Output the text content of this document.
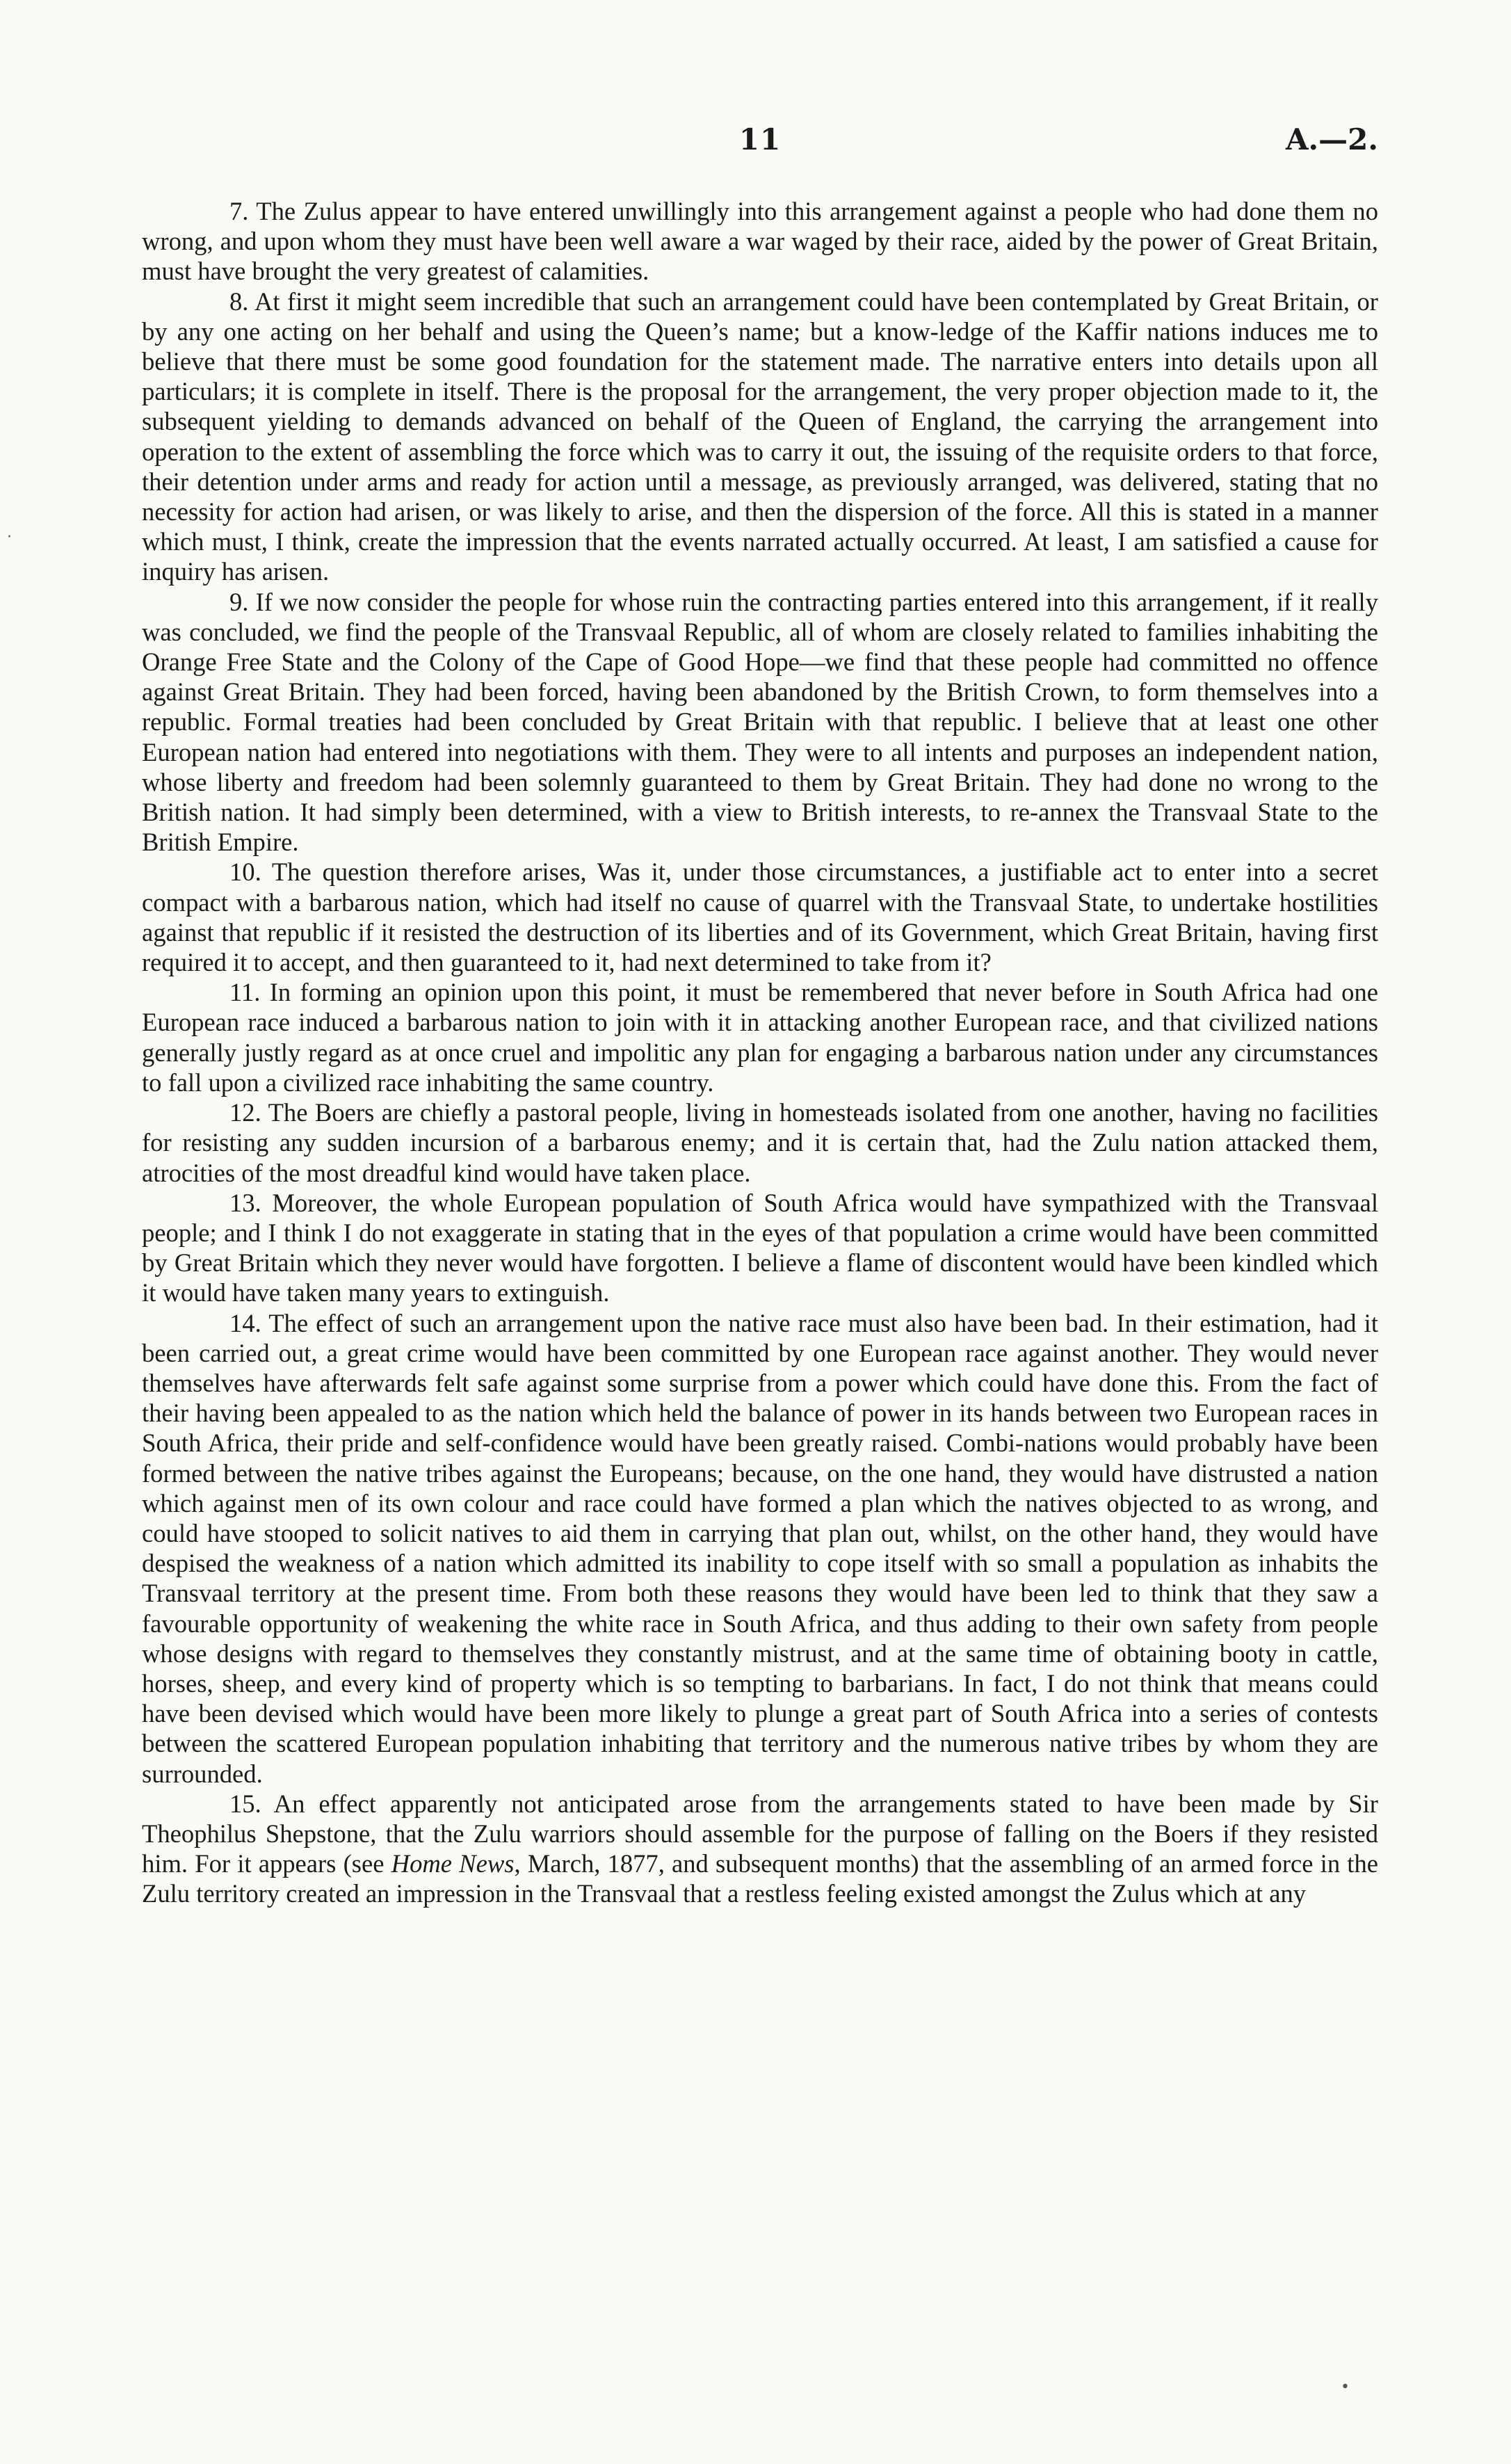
11	A.—2.

7. The Zulus appear to have entered unwillingly into this arrangement against a people who had done them no wrong, and upon whom they must have been well aware a war waged by their race, aided by the power of Great Britain, must have brought the very greatest of calamities.

8. At first it might seem incredible that such an arrangement could have been contemplated by Great Britain, or by any one acting on her behalf and using the Queen’s name; but a know-ledge of the Kaffir nations induces me to believe that there must be some good foundation for the statement made. The narrative enters into details upon all particulars; it is complete in itself. There is the proposal for the arrangement, the very proper objection made to it, the subsequent yielding to demands advanced on behalf of the Queen of England, the carrying the arrangement into operation to the extent of assembling the force which was to carry it out, the issuing of the requisite orders to that force, their detention under arms and ready for action until a message, as previously arranged, was delivered, stating that no necessity for action had arisen, or was likely to arise, and then the dispersion of the force. All this is stated in a manner which must, I think, create the impression that the events narrated actually occurred. At least, I am satisfied a cause for inquiry has arisen.

9. If we now consider the people for whose ruin the contracting parties entered into this arrangement, if it really was concluded, we find the people of the Transvaal Republic, all of whom are closely related to families inhabiting the Orange Free State and the Colony of the Cape of Good Hope—we find that these people had committed no offence against Great Britain. They had been forced, having been abandoned by the British Crown, to form themselves into a republic. Formal treaties had been concluded by Great Britain with that republic. I believe that at least one other European nation had entered into negotiations with them. They were to all intents and purposes an independent nation, whose liberty and freedom had been solemnly guaranteed to them by Great Britain. They had done no wrong to the British nation. It had simply been determined, with a view to British interests, to re-annex the Transvaal State to the British Empire.

10. The question therefore arises, Was it, under those circumstances, a justifiable act to enter into a secret compact with a barbarous nation, which had itself no cause of quarrel with the Transvaal State, to undertake hostilities against that republic if it resisted the destruction of its liberties and of its Government, which Great Britain, having first required it to accept, and then guaranteed to it, had next determined to take from it?

11. In forming an opinion upon this point, it must be remembered that never before in South Africa had one European race induced a barbarous nation to join with it in attacking another European race, and that civilized nations generally justly regard as at once cruel and impolitic any plan for engaging a barbarous nation under any circumstances to fall upon a civilized race inhabiting the same country.

12. The Boers are chiefly a pastoral people, living in homesteads isolated from one another, having no facilities for resisting any sudden incursion of a barbarous enemy; and it is certain that, had the Zulu nation attacked them, atrocities of the most dreadful kind would have taken place.

13. Moreover, the whole European population of South Africa would have sympathized with the Transvaal people; and I think I do not exaggerate in stating that in the eyes of that population a crime would have been committed by Great Britain which they never would have forgotten. I believe a flame of discontent would have been kindled which it would have taken many years to extinguish.

14. The effect of such an arrangement upon the native race must also have been bad. In their estimation, had it been carried out, a great crime would have been committed by one European race against another. They would never themselves have afterwards felt safe against some surprise from a power which could have done this. From the fact of their having been appealed to as the nation which held the balance of power in its hands between two European races in South Africa, their pride and self-confidence would have been greatly raised. Combi-nations would probably have been formed between the native tribes against the Europeans; because, on the one hand, they would have distrusted a nation which against men of its own colour and race could have formed a plan which the natives objected to as wrong, and could have stooped to solicit natives to aid them in carrying that plan out, whilst, on the other hand, they would have despised the weakness of a nation which admitted its inability to cope itself with so small a population as inhabits the Transvaal territory at the present time. From both these reasons they would have been led to think that they saw a favourable opportunity of weakening the white race in South Africa, and thus adding to their own safety from people whose designs with regard to themselves they constantly mistrust, and at the same time of obtaining booty in cattle, horses, sheep, and every kind of property which is so tempting to barbarians. In fact, I do not think that means could have been devised which would have been more likely to plunge a great part of South Africa into a series of contests between the scattered European population inhabiting that territory and the numerous native tribes by whom they are surrounded.

15. An effect apparently not anticipated arose from the arrangements stated to have been made by Sir Theophilus Shepstone, that the Zulu warriors should assemble for the purpose of falling on the Boers if they resisted him. For it appears (see Home News, March, 1877, and subsequent months) that the assembling of an armed force in the Zulu territory created an impression in the Transvaal that a restless feeling existed amongst the Zulus which at any

·
•
